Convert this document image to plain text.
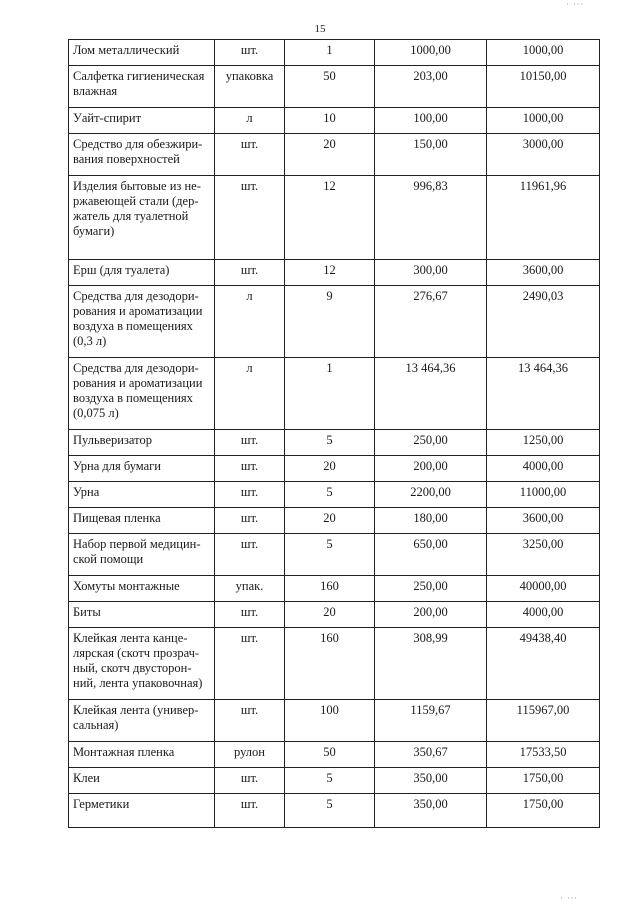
· ···
15
Лом металлический	шт.	1	1000,00	1000,00
Салфетка гигиеническая влажная	упаковка	50	203,00	10150,00
Уайт-спирит	л	10	100,00	1000,00
Средство для обезжири-вания поверхностей	шт.	20	150,00	3000,00
Изделия бытовые из не-ржавеющей стали (дер-жатель для туалетной бумаги)	шт.	12	996,83	11961,96
Ерш (для туалета)	шт.	12	300,00	3600,00
Средства для дезодори-рования и ароматизации воздуха в помещениях (0,3 л)	л	9	276,67	2490,03
Средства для дезодори-рования и ароматизации воздуха в помещениях (0,075 л)	л	1	13 464,36	13 464,36
Пульверизатор	шт.	5	250,00	1250,00
Урна для бумаги	шт.	20	200,00	4000,00
Урна	шт.	5	2200,00	11000,00
Пищевая пленка	шт.	20	180,00	3600,00
Набор первой медицин-ской помощи	шт.	5	650,00	3250,00
Хомуты монтажные	упак.	160	250,00	40000,00
Биты	шт.	20	200,00	4000,00
Клейкая лента канце-лярская (скотч прозрач-ный, скотч двусторон-ний, лента упаковочная)	шт.	160	308,99	49438,40
Клейкая лента (универ-сальная)	шт.	100	1159,67	115967,00
Монтажная пленка	рулон	50	350,67	17533,50
Клеи	шт.	5	350,00	1750,00
Герметики	шт.	5	350,00	1750,00
· ···
